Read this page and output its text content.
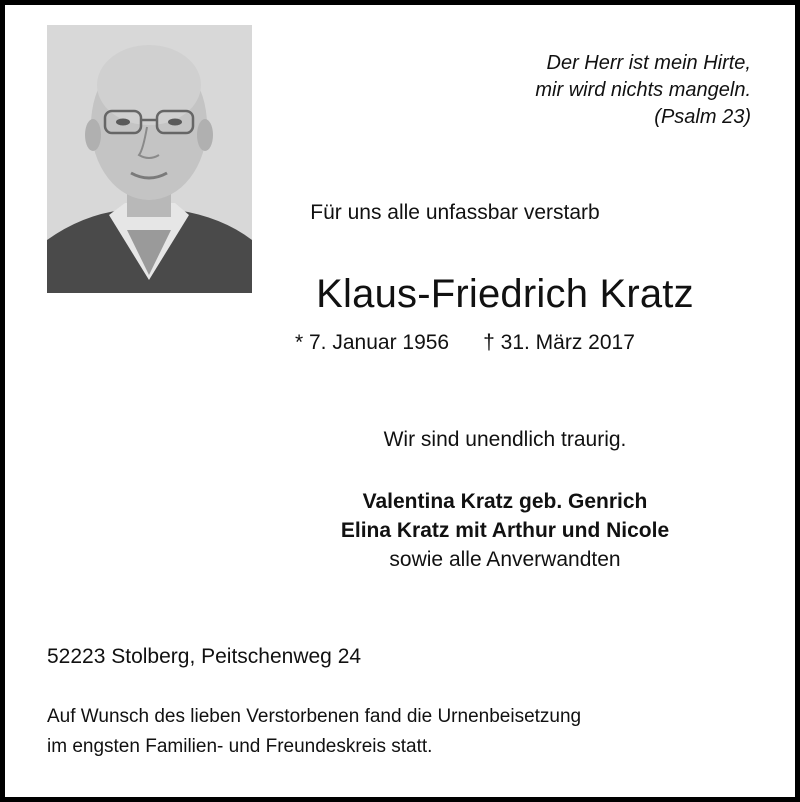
Der Herr ist mein Hirte,
mir wird nichts mangeln.
(Psalm 23)
Für uns alle unfassbar verstarb
Klaus-Friedrich Kratz
* 7. Januar 1956 † 31. März 2017
Wir sind unendlich traurig.
Valentina Kratz geb. Genrich
Elina Kratz mit Arthur und Nicole
sowie alle Anverwandten
52223 Stolberg, Peitschenweg 24
Auf Wunsch des lieben Verstorbenen fand die Urnenbeisetzung
im engsten Familien- und Freundeskreis statt.
